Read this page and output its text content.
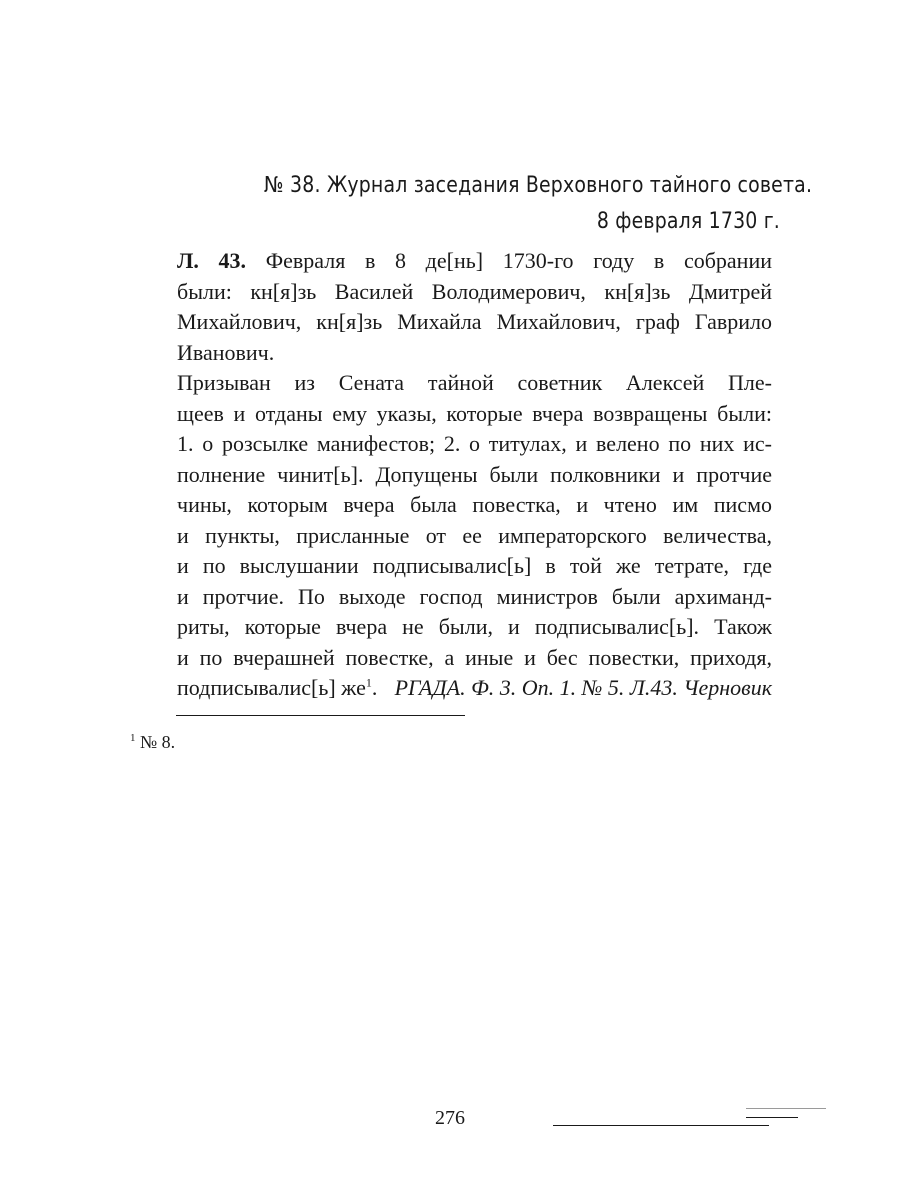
№ 38. Журнал заседания Верховного тайного совета.
8 февраля 1730 г.
Л. 43. Февраля в 8 де[нь] 1730-го году в собрании
были: кн[я]зь Василей Володимерович, кн[я]зь Дмитрей
Михайлович, кн[я]зь Михайла Михайлович, граф Гаврило
Иванович.
Призыван из Сената тайной советник Алексей Пле-
щеев и отданы ему указы, которые вчера возвращены были:
1. о розсылке манифестов; 2. о титулах, и велено по них ис-
полнение чинит[ь]. Допущены были полковники и протчие
чины, которым вчера была повестка, и чтено им писмо
и пункты, присланные от ее императорского величества,
и по выслушании подписывалис[ь] в той же тетрате, где
и протчие. По выходе господ министров были архиманд-
риты, которые вчера не были, и подписывалис[ь]. Також
и по вчерашней повестке, а иные и бес повестки, приходя,
подписывалис[ь] $же^1$. РГАДА. Ф. 3. Оп. 1. № 5. Л.43. Черновик
$^1$ № 8.
276
